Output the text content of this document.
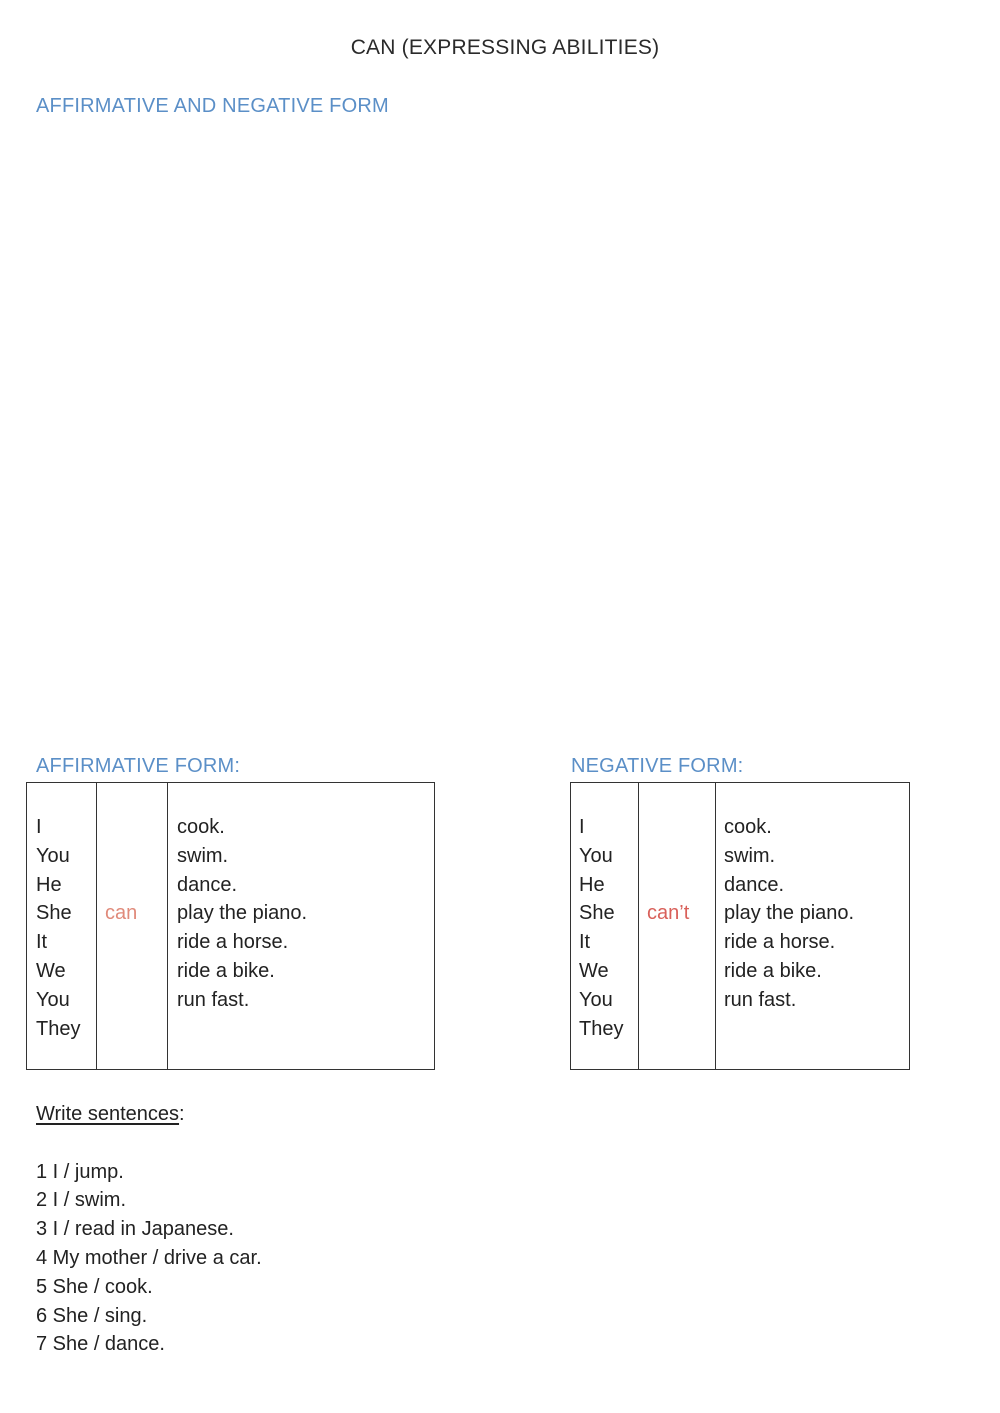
CAN (EXPRESSING ABILITIES)
AFFIRMATIVE AND NEGATIVE FORM
AFFIRMATIVE FORM:	NEGATIVE FORM:
I
You
He
She
It
We
You
They
can
cook.
swim.
dance.
play the piano.
ride a horse.
ride a bike.
run fast.
I
You
He
She
It
We
You
They
can’t
cook.
swim.
dance.
play the piano.
ride a horse.
ride a bike.
run fast.
Write sentences:
1 I / jump.
2 I / swim.
3 I / read in Japanese.
4 My mother / drive a car.
5 She / cook.
6 She / sing.
7 She / dance.
